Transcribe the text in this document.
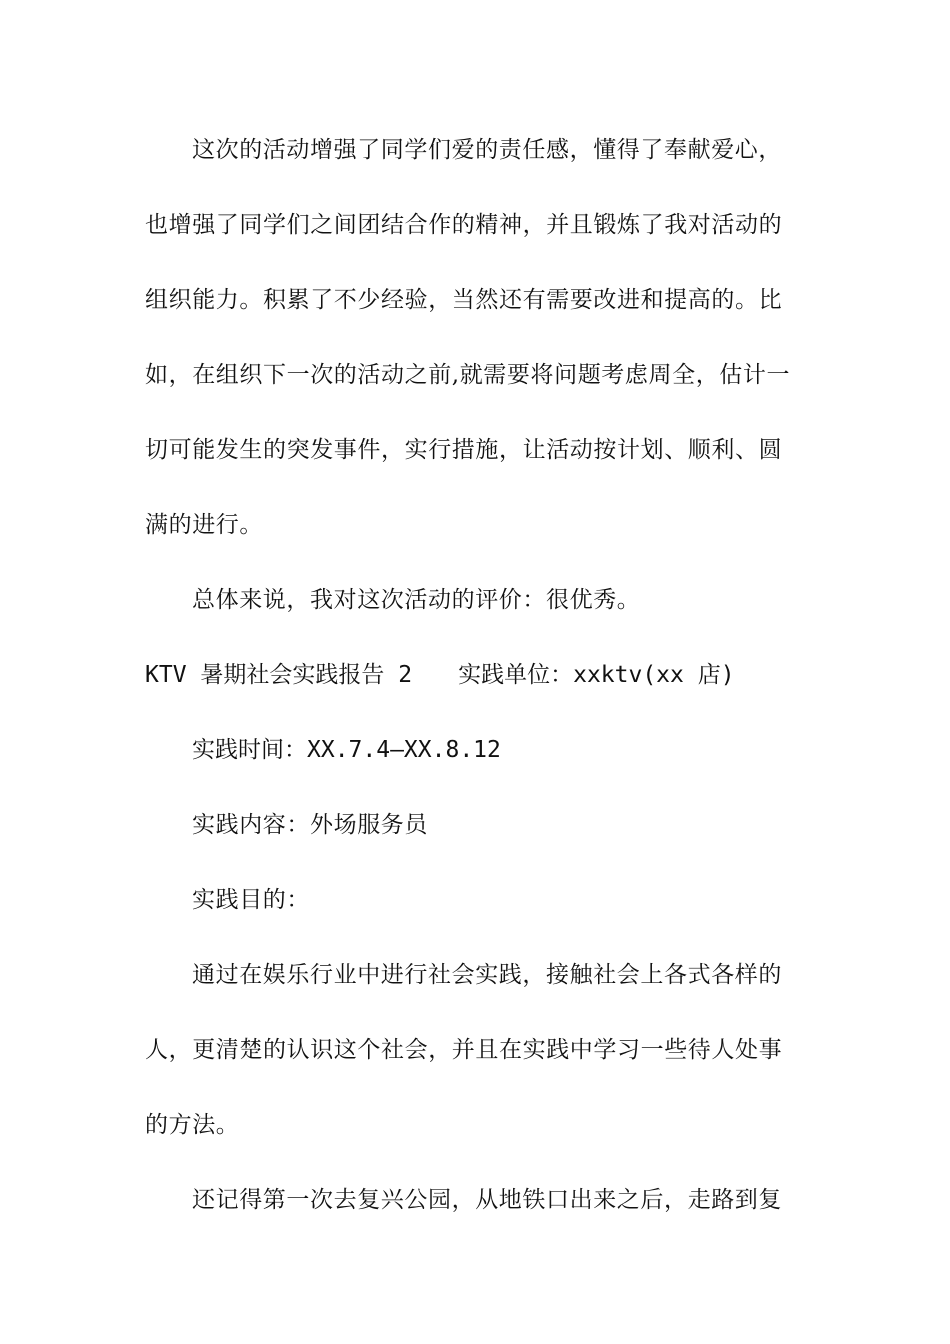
这次的活动增强了同学们爱的责任感，懂得了奉献爱心，
也增强了同学们之间团结合作的精神，并且锻炼了我对活动的
组织能力。积累了不少经验，当然还有需要改进和提高的。比
如，在组织下一次的活动之前,就需要将问题考虑周全，估计一
切可能发生的突发事件，实行措施，让活动按计划、顺利、圆
满的进行。
总体来说，我对这次活动的评价：很优秀。
KTV 暑期社会实践报告 2 实践单位：xxktv(xx 店)
实践时间：XX.7.4—XX.8.12
实践内容：外场服务员
实践目的：
通过在娱乐行业中进行社会实践，接触社会上各式各样的
人，更清楚的认识这个社会，并且在实践中学习一些待人处事
的方法。
还记得第一次去复兴公园，从地铁口出来之后，走路到复
